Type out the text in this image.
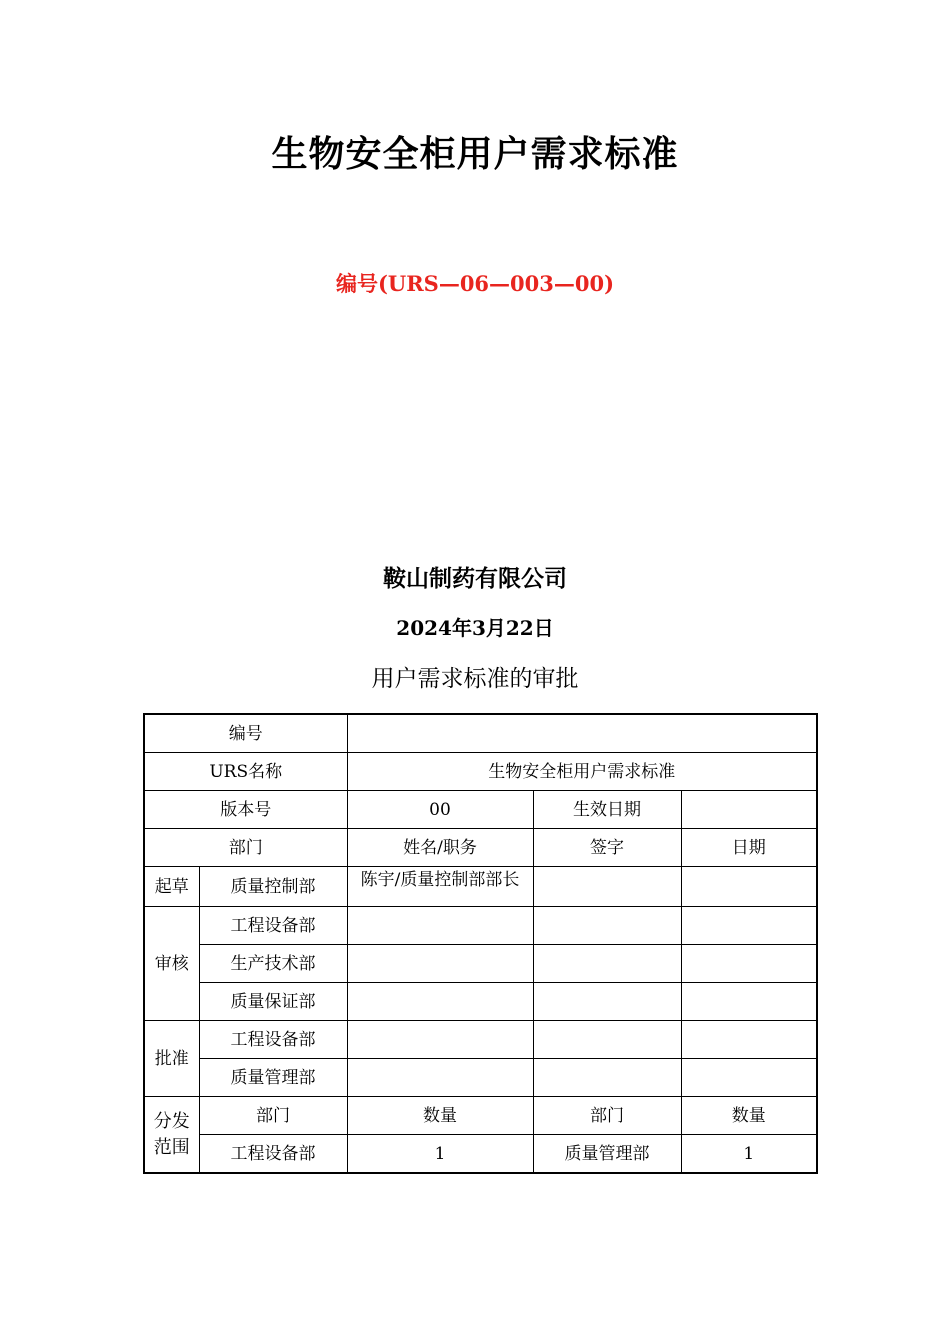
生物安全柜用户需求标准
编号(URS—06—003—00)
鞍山制药有限公司
2024年3月22日
用户需求标准的审批
编号				
URS名称		生物安全柜用户需求标准		
版本号		00	生效日期	
部门		姓名/职务	签字	日期
起草	质量控制部	陈宇/质量控制部部长		
审核	工程设备部			
	生产技术部			
	质量保证部			
批准	工程设备部			
	质量管理部			
分发范围	部门	数量	部门	数量
	工程设备部	1	质量管理部	1
